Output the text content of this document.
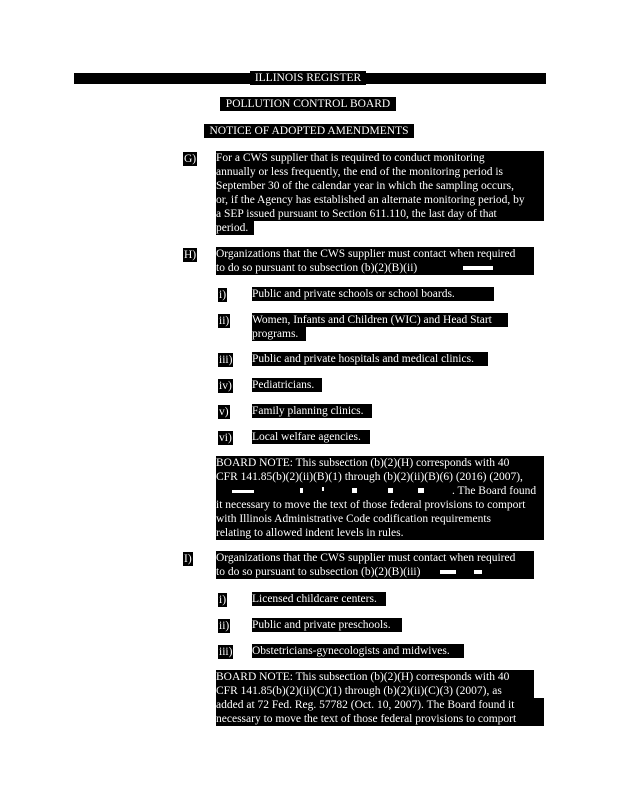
ILLINOIS REGISTER
POLLUTION CONTROL BOARD
NOTICE OF ADOPTED AMENDMENTS
G) For a CWS supplier that is required to conduct monitoring
annually or less frequently, the end of the monitoring period is
September 30 of the calendar year in which the sampling occurs,
or, if the Agency has established an alternate monitoring period, by
a SEP issued pursuant to Section 611.110, the last day of that
period.
H) Organizations that the CWS supplier must contact when required
to do so pursuant to subsection (b)(2)(B)(ii)
i) Public and private schools or school boards.
ii) Women, Infants and Children (WIC) and Head Start
programs.
iii) Public and private hospitals and medical clinics.
iv) Pediatricians.
v) Family planning clinics.
vi) Local welfare agencies.
BOARD NOTE: This subsection (b)(2)(H) corresponds with 40
CFR 141.85(b)(2)(ii)(B)(1) through (b)(2)(ii)(B)(6) (2016) (2007),
. The Board found
it necessary to move the text of those federal provisions to comport
with Illinois Administrative Code codification requirements
relating to allowed indent levels in rules.
I) Organizations that the CWS supplier must contact when required
to do so pursuant to subsection (b)(2)(B)(iii)
i) Licensed childcare centers.
ii) Public and private preschools.
iii) Obstetricians-gynecologists and midwives.
BOARD NOTE: This subsection (b)(2)(H) corresponds with 40
CFR 141.85(b)(2)(ii)(C)(1) through (b)(2)(ii)(C)(3) (2007), as
added at 72 Fed. Reg. 57782 (Oct. 10, 2007). The Board found it
necessary to move the text of those federal provisions to comport
